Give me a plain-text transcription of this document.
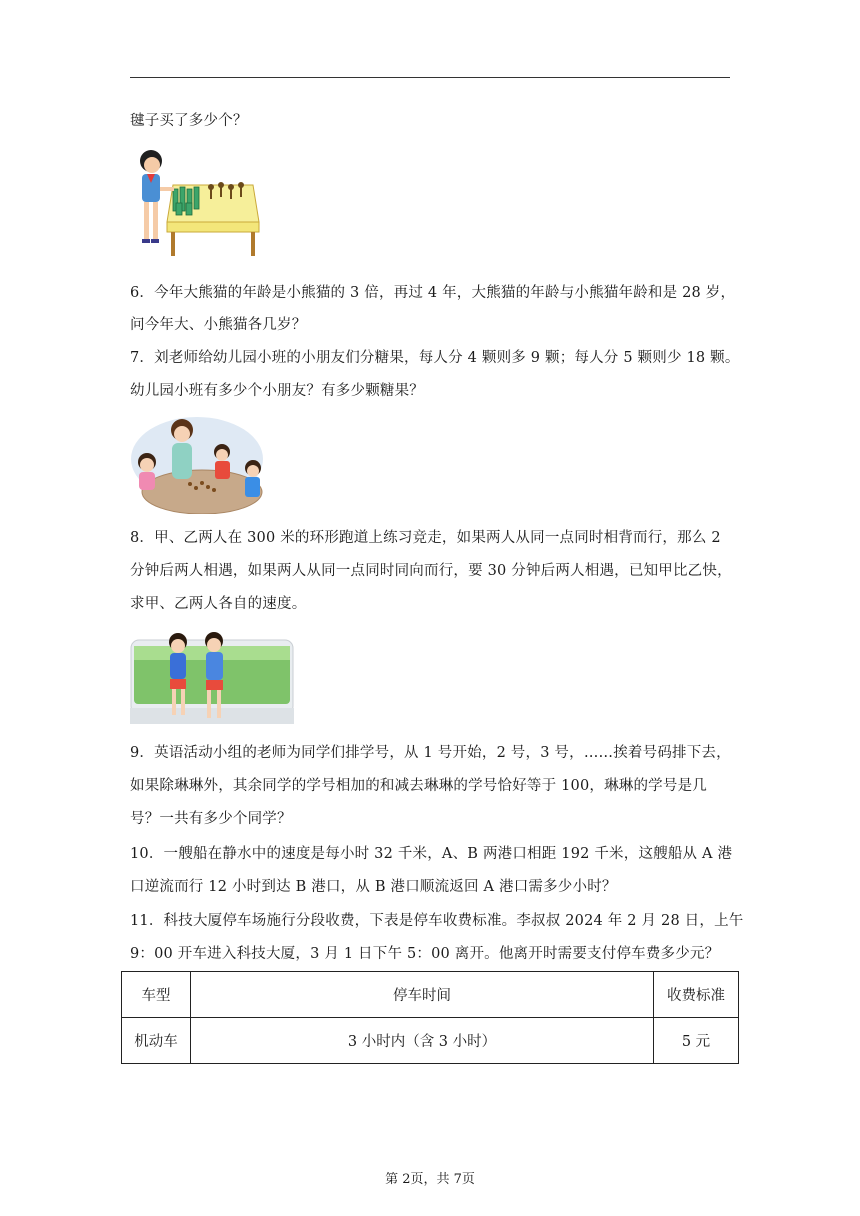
毽子买了多少个？
6．今年大熊猫的年龄是小熊猫的 3 倍，再过 4 年，大熊猫的年龄与小熊猫年龄和是 28 岁，
问今年大、小熊猫各几岁？
7．刘老师给幼儿园小班的小朋友们分糖果，每人分 4 颗则多 9 颗；每人分 5 颗则少 18 颗。
幼儿园小班有多少个小朋友？有多少颗糖果？
8．甲、乙两人在 300 米的环形跑道上练习竞走，如果两人从同一点同时相背而行，那么 2
分钟后两人相遇，如果两人从同一点同时同向而行，要 30 分钟后两人相遇，已知甲比乙快，
求甲、乙两人各自的速度。
9．英语活动小组的老师为同学们排学号，从 1 号开始，2 号，3 号，……挨着号码排下去，
如果除琳琳外，其余同学的学号相加的和减去琳琳的学号恰好等于 100，琳琳的学号是几
号？一共有多少个同学？
10．一艘船在静水中的速度是每小时 32 千米，A、B 两港口相距 192 千米，这艘船从 A 港
口逆流而行 12 小时到达 B 港口，从 B 港口顺流返回 A 港口需多少小时？
11．科技大厦停车场施行分段收费，下表是停车收费标准。李叔叔 2024 年 2 月 28 日，上午
9：00 开车进入科技大厦，3 月 1 日下午 5：00 离开。他离开时需要支付停车费多少元？
车型	停车时间	收费标准
机动车	3 小时内（含 3 小时）	5 元
第 2页，共 7页
